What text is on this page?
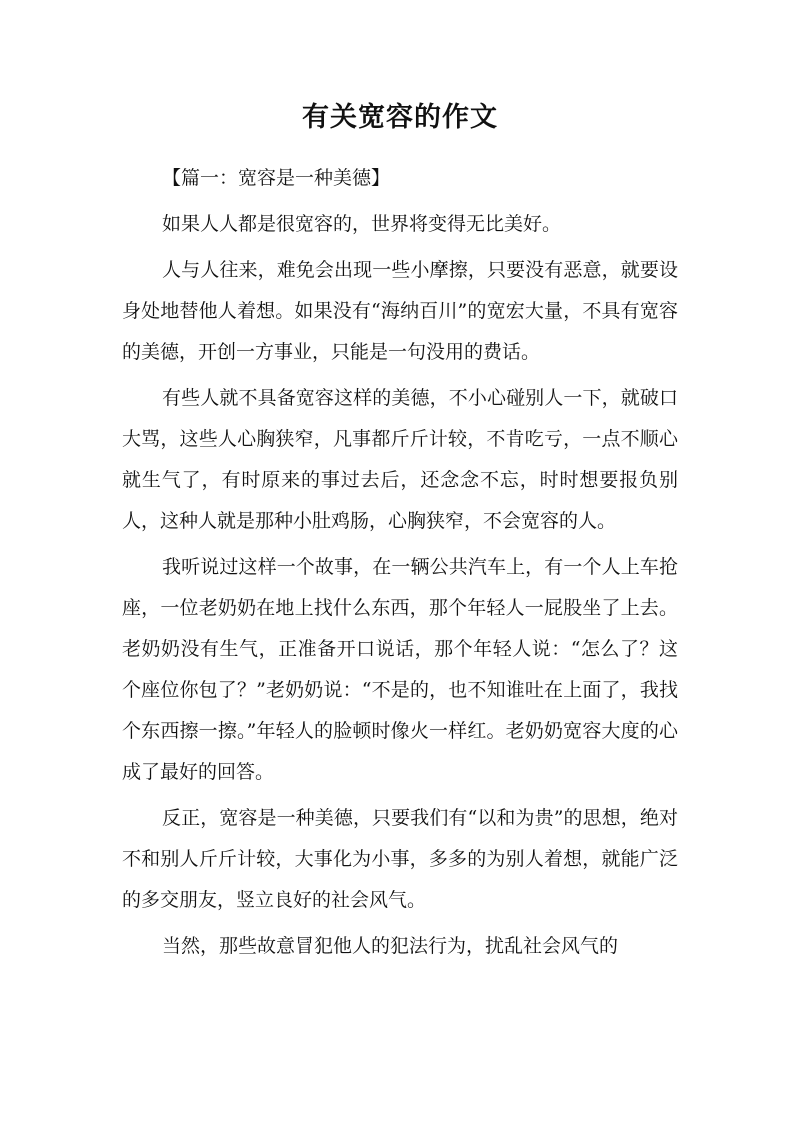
有关宽容的作文

【篇一：宽容是一种美德】

如果人人都是很宽容的，世界将变得无比美好。

人与人往来，难免会出现一些小摩擦，只要没有恶意，就要设身处地替他人着想。如果没有“海纳百川”的宽宏大量，不具有宽容的美德，开创一方事业，只能是一句没用的费话。

有些人就不具备宽容这样的美德，不小心碰别人一下，就破口大骂，这些人心胸狭窄，凡事都斤斤计较，不肯吃亏，一点不顺心就生气了，有时原来的事过去后，还念念不忘，时时想要报负别人，这种人就是那种小肚鸡肠，心胸狭窄，不会宽容的人。

我听说过这样一个故事，在一辆公共汽车上，有一个人上车抢座，一位老奶奶在地上找什么东西，那个年轻人一屁股坐了上去。老奶奶没有生气，正准备开口说话，那个年轻人说：“怎么了？这个座位你包了？”老奶奶说：“不是的，也不知谁吐在上面了，我找个东西擦一擦。”年轻人的脸顿时像火一样红。老奶奶宽容大度的心成了最好的回答。

反正，宽容是一种美德，只要我们有“以和为贵”的思想，绝对不和别人斤斤计较，大事化为小事，多多的为别人着想，就能广泛的多交朋友，竖立良好的社会风气。

当然，那些故意冒犯他人的犯法行为，扰乱社会风气的
